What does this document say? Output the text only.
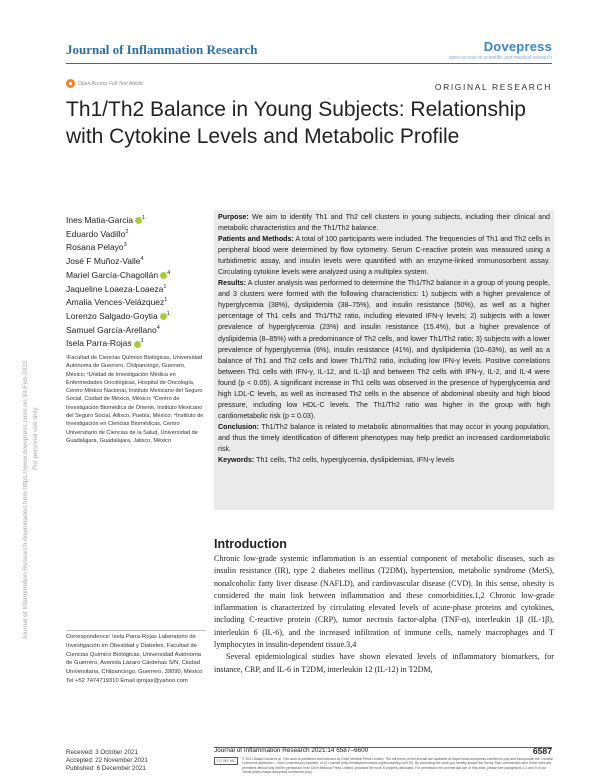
Journal of Inflammation Research	Dovepress
open access to scientific and medical research
Open Access Full Text Article	ORIGINAL RESEARCH
Th1/Th2 Balance in Young Subjects: Relationship with Cytokine Levels and Metabolic Profile
Journal of Inflammation Research downloaded from https://www.dovepress.com/ on 19-Feb-2022 For personal use only.
Ines Matia-Garcia $^1$
Eduardo Vadillo$^2$
Rosana Pelayo$^3$
José F Muñoz-Valle$^4$
Mariel García-Chagollán $^4$
Jaqueline Loaeza-Loaeza$^1$
Amalia Vences-Velázquez$^1$
Lorenzo Salgado-Goytia $^1$
Samuel García-Arellano$^4$
Isela Parra-Rojas $^1$
¹Facultad de Ciencias Químico Biológicas, Universidad Autónoma de Guerrero, Chilpancingo, Guerrero, México; ²Unidad de Investigación Médica en Enfermedades Oncológicas, Hospital de Oncología, Centro Médico Nacional, Instituto Mexicano del Seguro Social, Ciudad de México, México; ³Centro de Investigación Biomédica de Oriente, Instituto Mexicano del Seguro Social, Atlixco, Puebla, México; ⁴Instituto de Investigación en Ciencias Biomédicas, Centro Universitario de Ciencias de la Salud, Universidad de Guadalajara, Guadalajara, Jalisco, México

Purpose: We aim to identify Th1 and Th2 cell clusters in young subjects, including their clinical and metabolic characteristics and the Th1/Th2 balance.

Patients and Methods: A total of 100 participants were included. The frequencies of Th1 and Th2 cells in peripheral blood were determined by flow cytometry. Serum C-reactive protein was measured using a turbidimetric assay, and insulin levels were quantified with an enzyme-linked immunosorbent assay. Circulating cytokine levels were analyzed using a multiplex system.

Results: A cluster analysis was performed to determine the Th1/Th2 balance in a group of young people, and 3 clusters were formed with the following characteristics: 1) subjects with a higher prevalence of hyperglycemia (38%), dyslipidemia (38–75%), and insulin resistance (50%), as well as a higher percentage of Th1 cells and Th1/Th2 ratio, including elevated IFN-γ levels; 2) subjects with a lower prevalence of hyperglycemia (23%) and insulin resistance (15.4%), but a higher prevalence of dyslipidemia (8–85%) with a predominance of Th2 cells, and lower Th1/Th2 ratio; 3) subjects with a lower prevalence of hyperglycemia (6%), insulin resistance (41%), and dyslipidemia (10–63%), as well as a balance of Th1 and Th2 cells and lower Th1/Th2 ratio, including low IFN-γ levels. Positive correlations between Th1 cells with IFN-γ, IL-12, and IL-1β and between Th2 cells with IFN-γ, IL-2, and IL-4 were found (p < 0.05). A significant increase in Th1 cells was observed in the presence of hyperglycemia and high LDL-C levels, as well as increased Th2 cells in the absence of abdominal obesity and high blood pressure, including low HDL-C levels. The Th1/Th2 ratio was higher in the group with high cardiometabolic risk (p = 0.03).

Conclusion: Th1/Th2 balance is related to metabolic abnormalities that may occur in young population, and thus the timely identification of different phenotypes may help predict an increased cardiometabolic risk.

Keywords: Th1 cells, Th2 cells, hyperglycemia, dyslipidemias, IFN-γ levels

Introduction

Chronic low-grade systemic inflammation is an essential component of metabolic diseases, such as insulin resistance (IR), type 2 diabetes mellitus (T2DM), hypertension, metabolic syndrome (MetS), nonalcoholic fatty liver disease (NAFLD), and cardiovascular disease (CVD). In this sense, obesity is considered the main link between inflammation and these comorbidities.1,2 Chronic low-grade inflammation is characterized by circulating elevated levels of acute-phase proteins and cytokines, including C-reactive protein (CRP), tumor necrosis factor-alpha (TNF-α), interleukin 1β (IL-1β), interleukin 6 (IL-6), and the increased infiltration of immune cells, namely macrophages and T lymphocytes in insulin-dependent tissue.3,4

Several epidemiological studies have shown elevated levels of inflammatory biomarkers, for instance, CRP, and IL-6 in T2DM, interleukin 12 (IL-12) in T2DM,

Correspondence: Isela Parra-Rojas Laboratorio de Investigación en Obesidad y Diabetes, Facultad de Ciencias Químico Biológicas, Universidad Autónoma de Guerrero, Avenida Lázaro Cárdenas S/N, Ciudad Universitaria, Chilpancingo, Guerrero, 39090, México Tel +52 7474719310 Email iprojas@yahoo.com
Journal of Inflammation Research 2021:14 6587–6600	6587
Received: 3 October 2021
Accepted: 22 November 2021
Published: 6 December 2021
CC BY NC	© 2021 Matia-Garcia et al. This work is published and licensed by Dove Medical Press Limited. The full terms of this license are available at https://www.dovepress.com/terms.php and incorporate the Creative Commons Attribution – Non Commercial (unported, v3.0) License (http://creativecommons.org/licenses/by-nc/3.0/). By accessing the work you hereby accept the Terms. Non-commercial uses of the work are permitted without any further permission from Dove Medical Press Limited, provided the work is properly attributed. For permission for commercial use of this work, please see paragraphs 4.2 and 5 of our Terms (https://www.dovepress.com/terms.php).
